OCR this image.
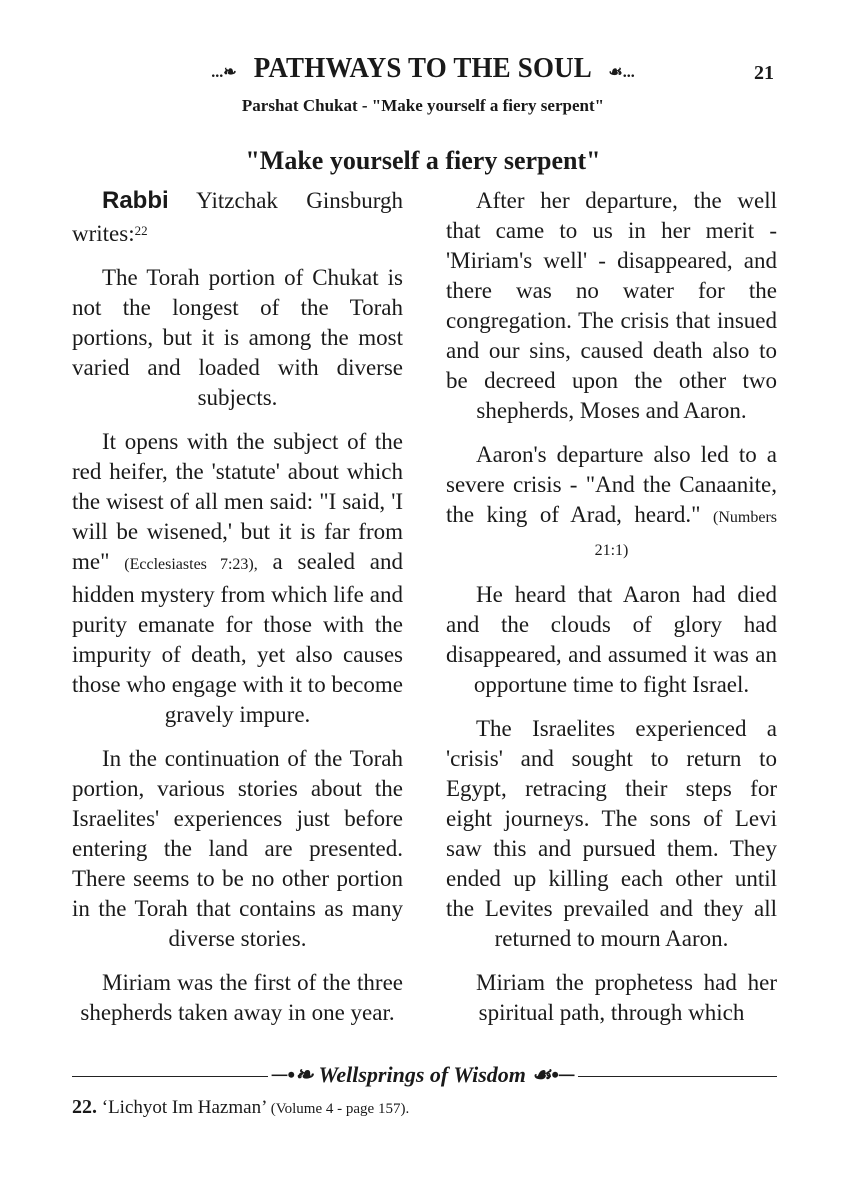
...❧ PATHWAYS TO THE SOUL ☙...	21
Parshat Chukat - "Make yourself a fiery serpent"
"Make yourself a fiery serpent"

Rabbi Yitzchak Ginsburgh writes:$^{22}$

The Torah portion of Chukat is not the longest of the Torah portions, but it is among the most varied and loaded with diverse subjects.

It opens with the subject of the red heifer, the 'statute' about which the wisest of all men said: "I said, 'I will be wisened,' but it is far from me" (Ecclesiastes 7:23), a sealed and hidden mystery from which life and purity emanate for those with the impurity of death, yet also causes those who engage with it to become gravely impure.

In the continuation of the Torah portion, various stories about the Israelites' experiences just before entering the land are presented. There seems to be no other portion in the Torah that contains as many diverse stories.

Miriam was the first of the three shepherds taken away in one year.

After her departure, the well that came to us in her merit - 'Miriam's well' - disappeared, and there was no water for the congregation. The crisis that insued and our sins, caused death also to be decreed upon the other two shepherds, Moses and Aaron.

Aaron's departure also led to a severe crisis - "And the Canaanite, the king of Arad, heard." (Numbers 21:1)

He heard that Aaron had died and the clouds of glory had disappeared, and assumed it was an opportune time to fight Israel.

The Israelites experienced a 'crisis' and sought to return to Egypt, retracing their steps for eight journeys. The sons of Levi saw this and pursued them. They ended up killing each other until the Levites prevailed and they all returned to mourn Aaron.

Miriam the prophetess had her spiritual path, through which

─•❧ Wellsprings of Wisdom ☙•─
22. ‘Lichyot Im Hazman’ (Volume 4 - page 157).
